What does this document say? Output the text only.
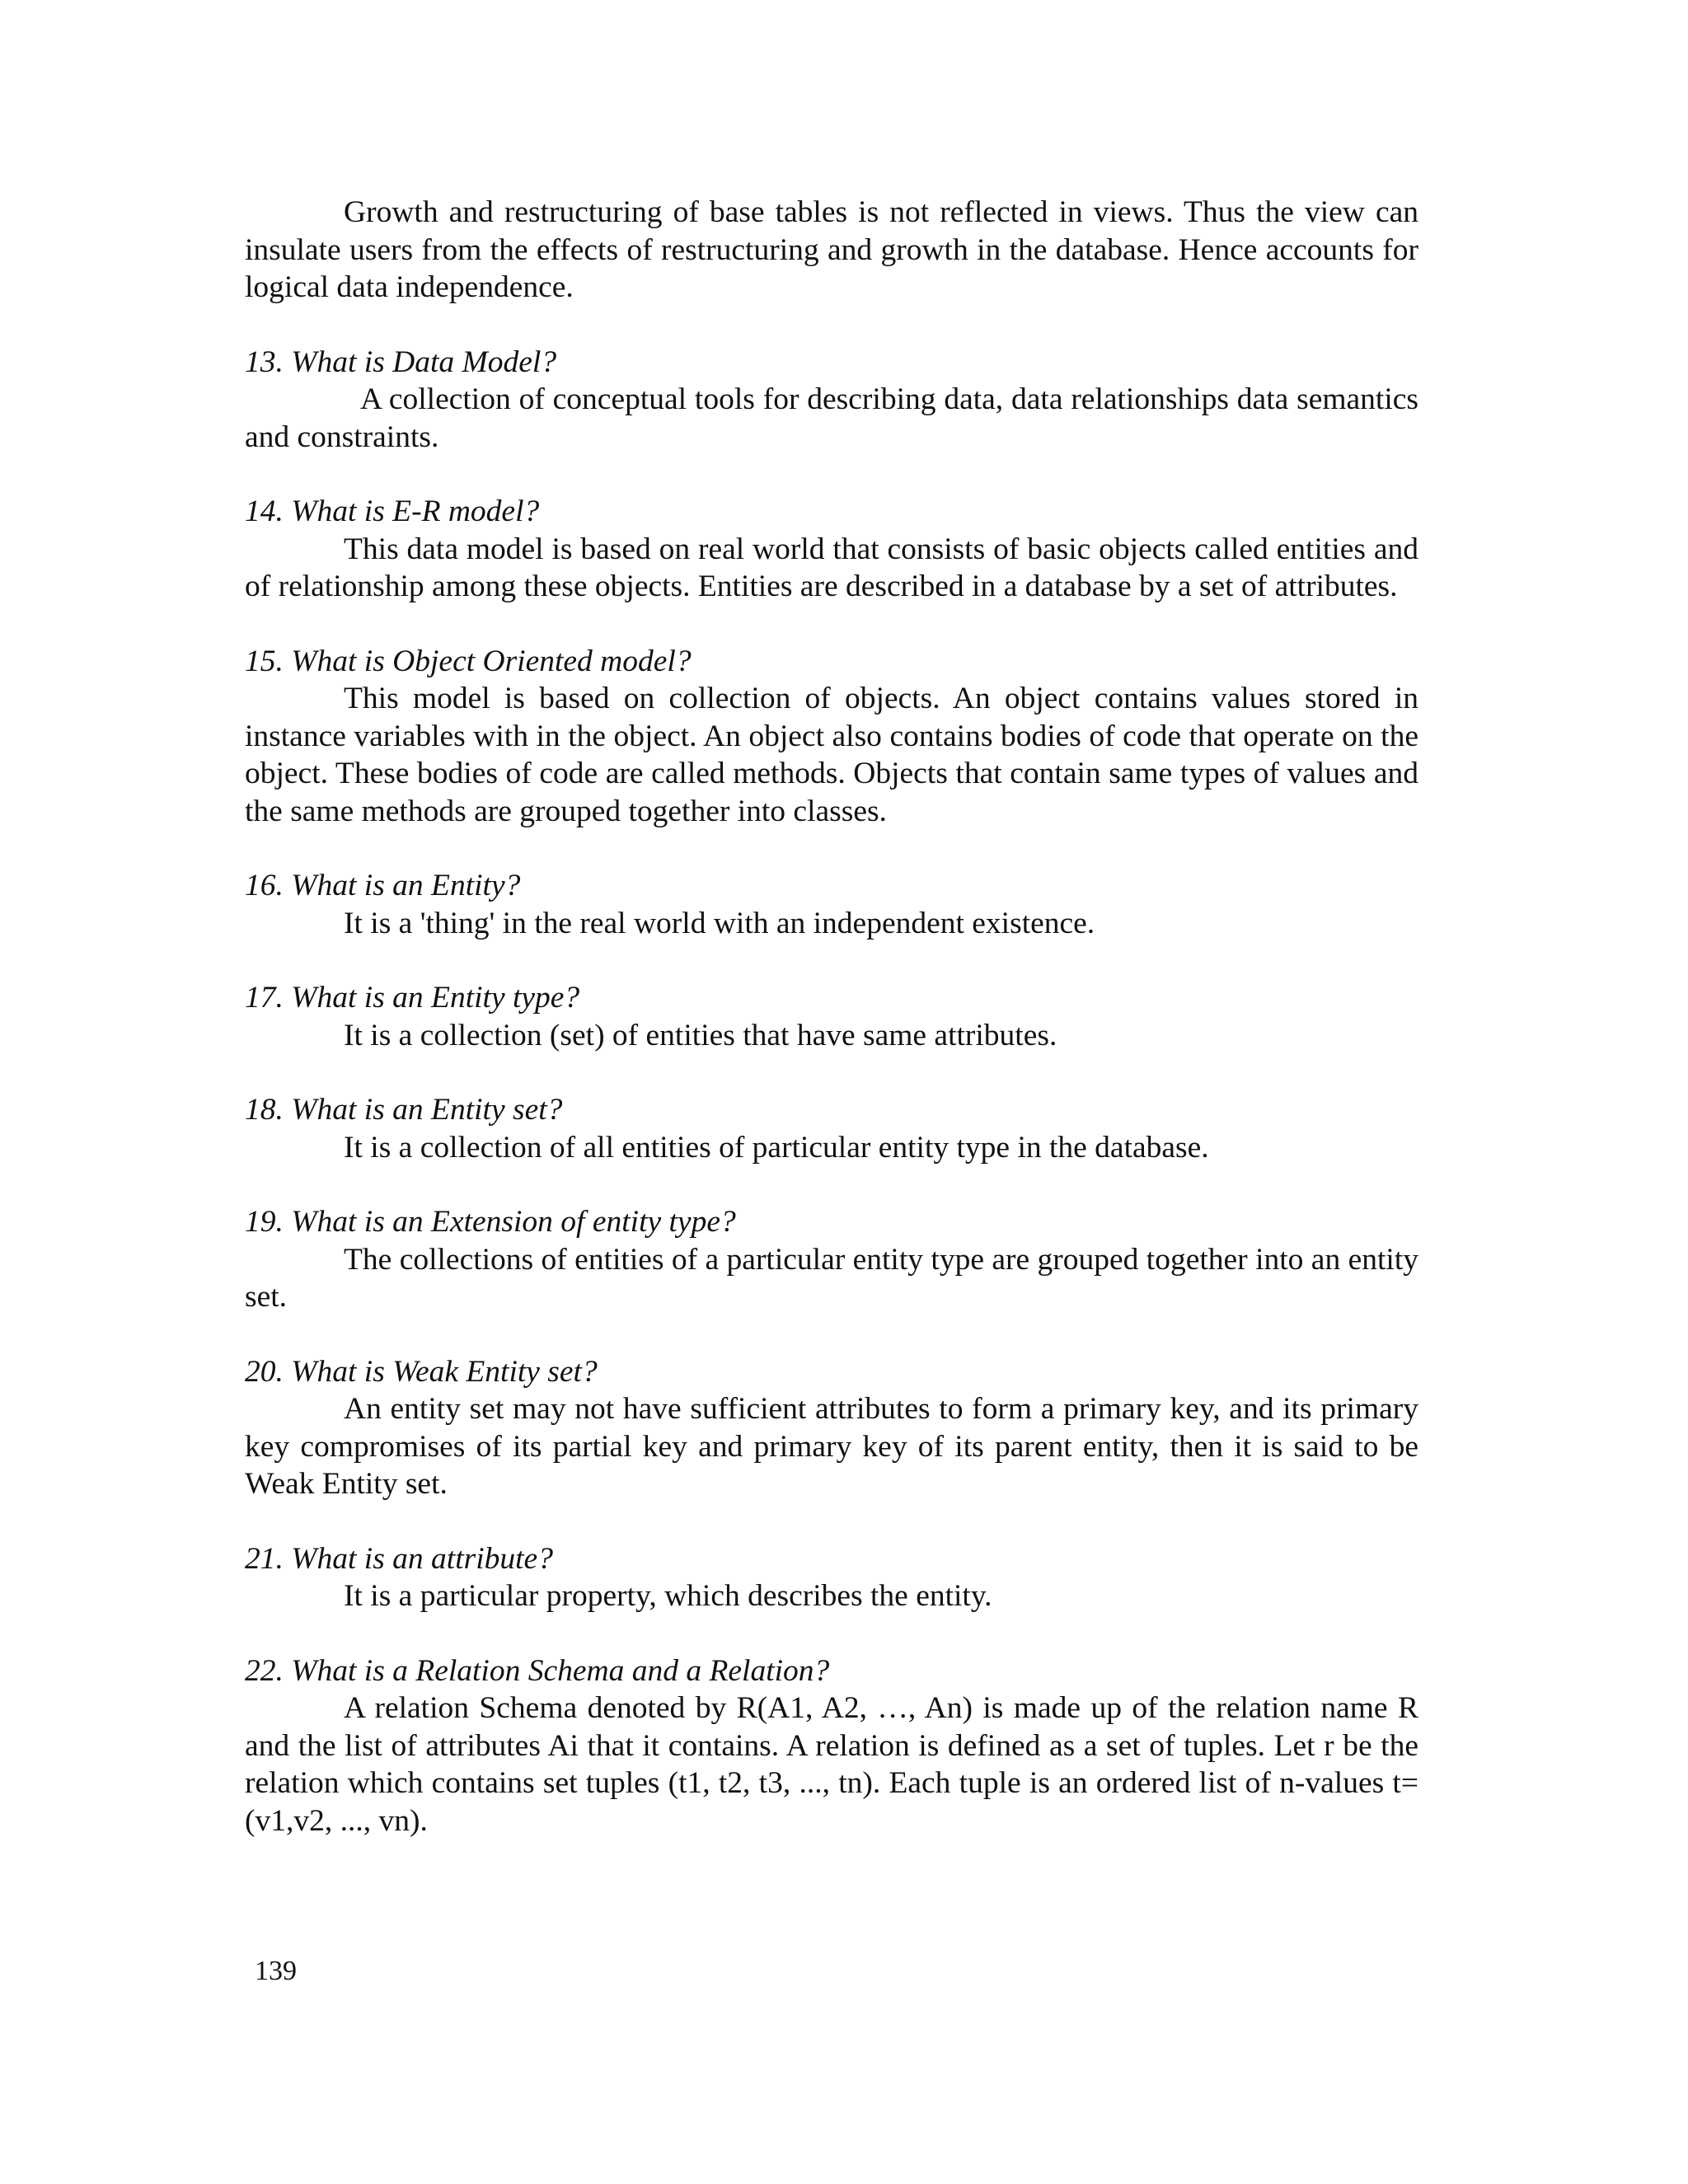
Growth and restructuring of base tables is not reflected in views. Thus the view can insulate users from the effects of restructuring and growth in the database. Hence accounts for logical data independence.

13. What is Data Model?

A collection of conceptual tools for describing data, data relationships data semantics and constraints.

14. What is E-R model?

This data model is based on real world that consists of basic objects called entities and of relationship among these objects. Entities are described in a database by a set of attributes.

15. What is Object Oriented model?

This model is based on collection of objects. An object contains values stored in instance variables with in the object. An object also contains bodies of code that operate on the object. These bodies of code are called methods. Objects that contain same types of values and the same methods are grouped together into classes.

16. What is an Entity?

It is a 'thing' in the real world with an independent existence.

17. What is an Entity type?

It is a collection (set) of entities that have same attributes.

18. What is an Entity set?

It is a collection of all entities of particular entity type in the database.

19. What is an Extension of entity type?

The collections of entities of a particular entity type are grouped together into an entity set.

20. What is Weak Entity set?

An entity set may not have sufficient attributes to form a primary key, and its primary key compromises of its partial key and primary key of its parent entity, then it is said to be Weak Entity set.

21. What is an attribute?

It is a particular property, which describes the entity.

22. What is a Relation Schema and a Relation?

A relation Schema denoted by R(A1, A2, …, An) is made up of the relation name R and the list of attributes Ai that it contains. A relation is defined as a set of tuples. Let r be the relation which contains set tuples (t1, t2, t3, ..., tn). Each tuple is an ordered list of n-values t=(v1,v2, ..., vn).

139
